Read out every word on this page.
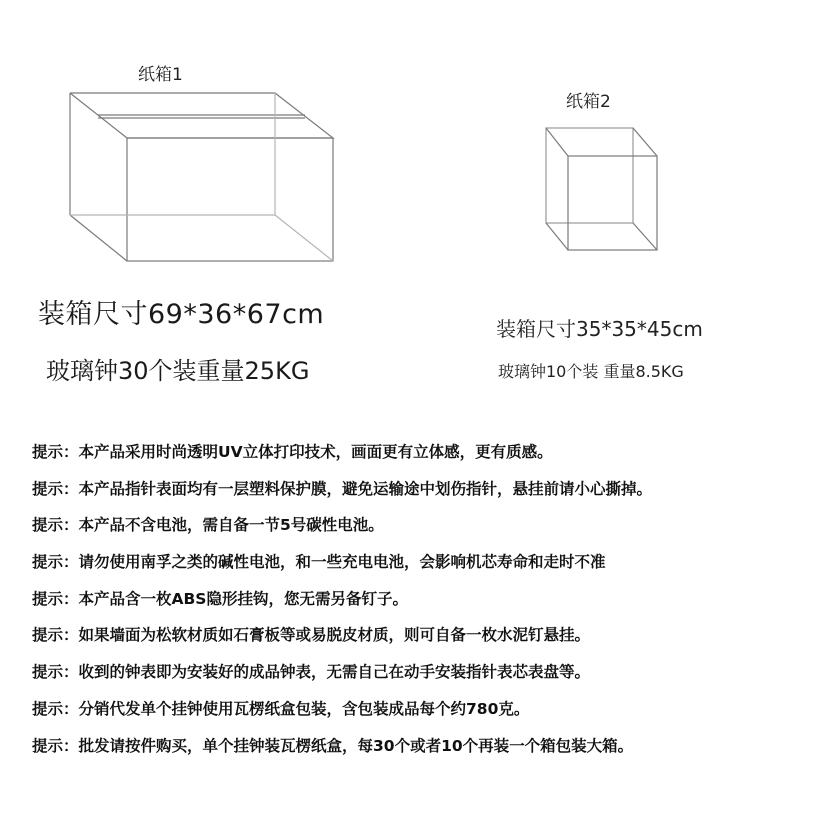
纸箱1
装箱尺寸69*36*67cm
玻璃钟30个装重量25KG
纸箱2
装箱尺寸35*35*45cm
玻璃钟10个装 重量8.5KG
提示：本产品采用时尚透明UV立体打印技术，画面更有立体感，更有质感。
提示：本产品指针表面均有一层塑料保护膜，避免运输途中划伤指针，悬挂前请小心撕掉。
提示：本产品不含电池，需自备一节5号碳性电池。
提示：请勿使用南孚之类的碱性电池，和一些充电电池，会影响机芯寿命和走时不准
提示：本产品含一枚ABS隐形挂钩，您无需另备钉子。
提示：如果墙面为松软材质如石膏板等或易脱皮材质，则可自备一枚水泥钉悬挂。
提示：收到的钟表即为安装好的成品钟表，无需自己在动手安装指针表芯表盘等。
提示：分销代发单个挂钟使用瓦楞纸盒包装，含包装成品每个约780克。
提示：批发请按件购买，单个挂钟装瓦楞纸盒，每30个或者10个再装一个箱包装大箱。
